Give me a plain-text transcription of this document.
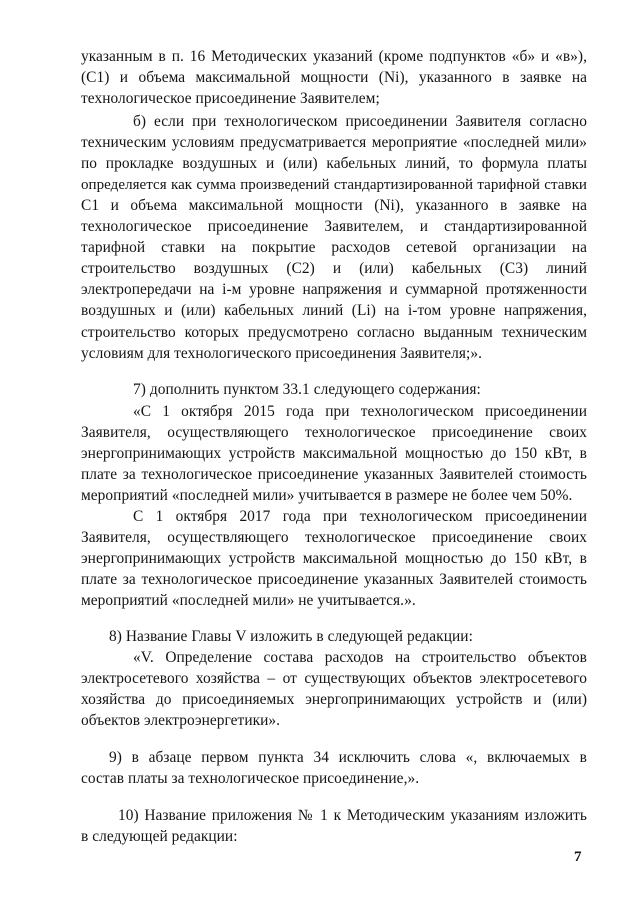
указанным в п. 16 Методических указаний (кроме подпунктов «б» и «в»),

(С1) и объема максимальной мощности (Ni), указанного в заявке на

технологическое присоединение Заявителем;

б) если при технологическом присоединении Заявителя согласно

техническим условиям предусматривается мероприятие «последней мили»

по прокладке воздушных и (или) кабельных линий, то формула платы

определяется как сумма произведений стандартизированной тарифной ставки

С1 и объема максимальной мощности (Ni), указанного в заявке на

технологическое присоединение Заявителем, и стандартизированной

тарифной ставки на покрытие расходов сетевой организации на

строительство воздушных (С2) и (или) кабельных (С3) линий

электропередачи на i-м уровне напряжения и суммарной протяженности

воздушных и (или) кабельных линий (Li) на i-том уровне напряжения,

строительство которых предусмотрено согласно выданным техническим

условиям для технологического присоединения Заявителя;».

7) дополнить пунктом 33.1 следующего содержания:

«С 1 октября 2015 года при технологическом присоединении

Заявителя, осуществляющего технологическое присоединение своих

энергопринимающих устройств максимальной мощностью до 150 кВт, в

плате за технологическое присоединение указанных Заявителей стоимость

мероприятий «последней мили» учитывается в размере не более чем 50%.

С 1 октября 2017 года при технологическом присоединении

Заявителя, осуществляющего технологическое присоединение своих

энергопринимающих устройств максимальной мощностью до 150 кВт, в

плате за технологическое присоединение указанных Заявителей стоимость

мероприятий «последней мили» не учитывается.».

8) Название Главы V изложить в следующей редакции:

«V. Определение состава расходов на строительство объектов

электросетевого хозяйства – от существующих объектов электросетевого

хозяйства до присоединяемых энергопринимающих устройств и (или)

объектов электроэнергетики».

9) в абзаце первом пункта 34 исключить слова «, включаемых в

состав платы за технологическое присоединение,».

10) Название приложения № 1 к Методическим указаниям изложить

в следующей редакции:

7
